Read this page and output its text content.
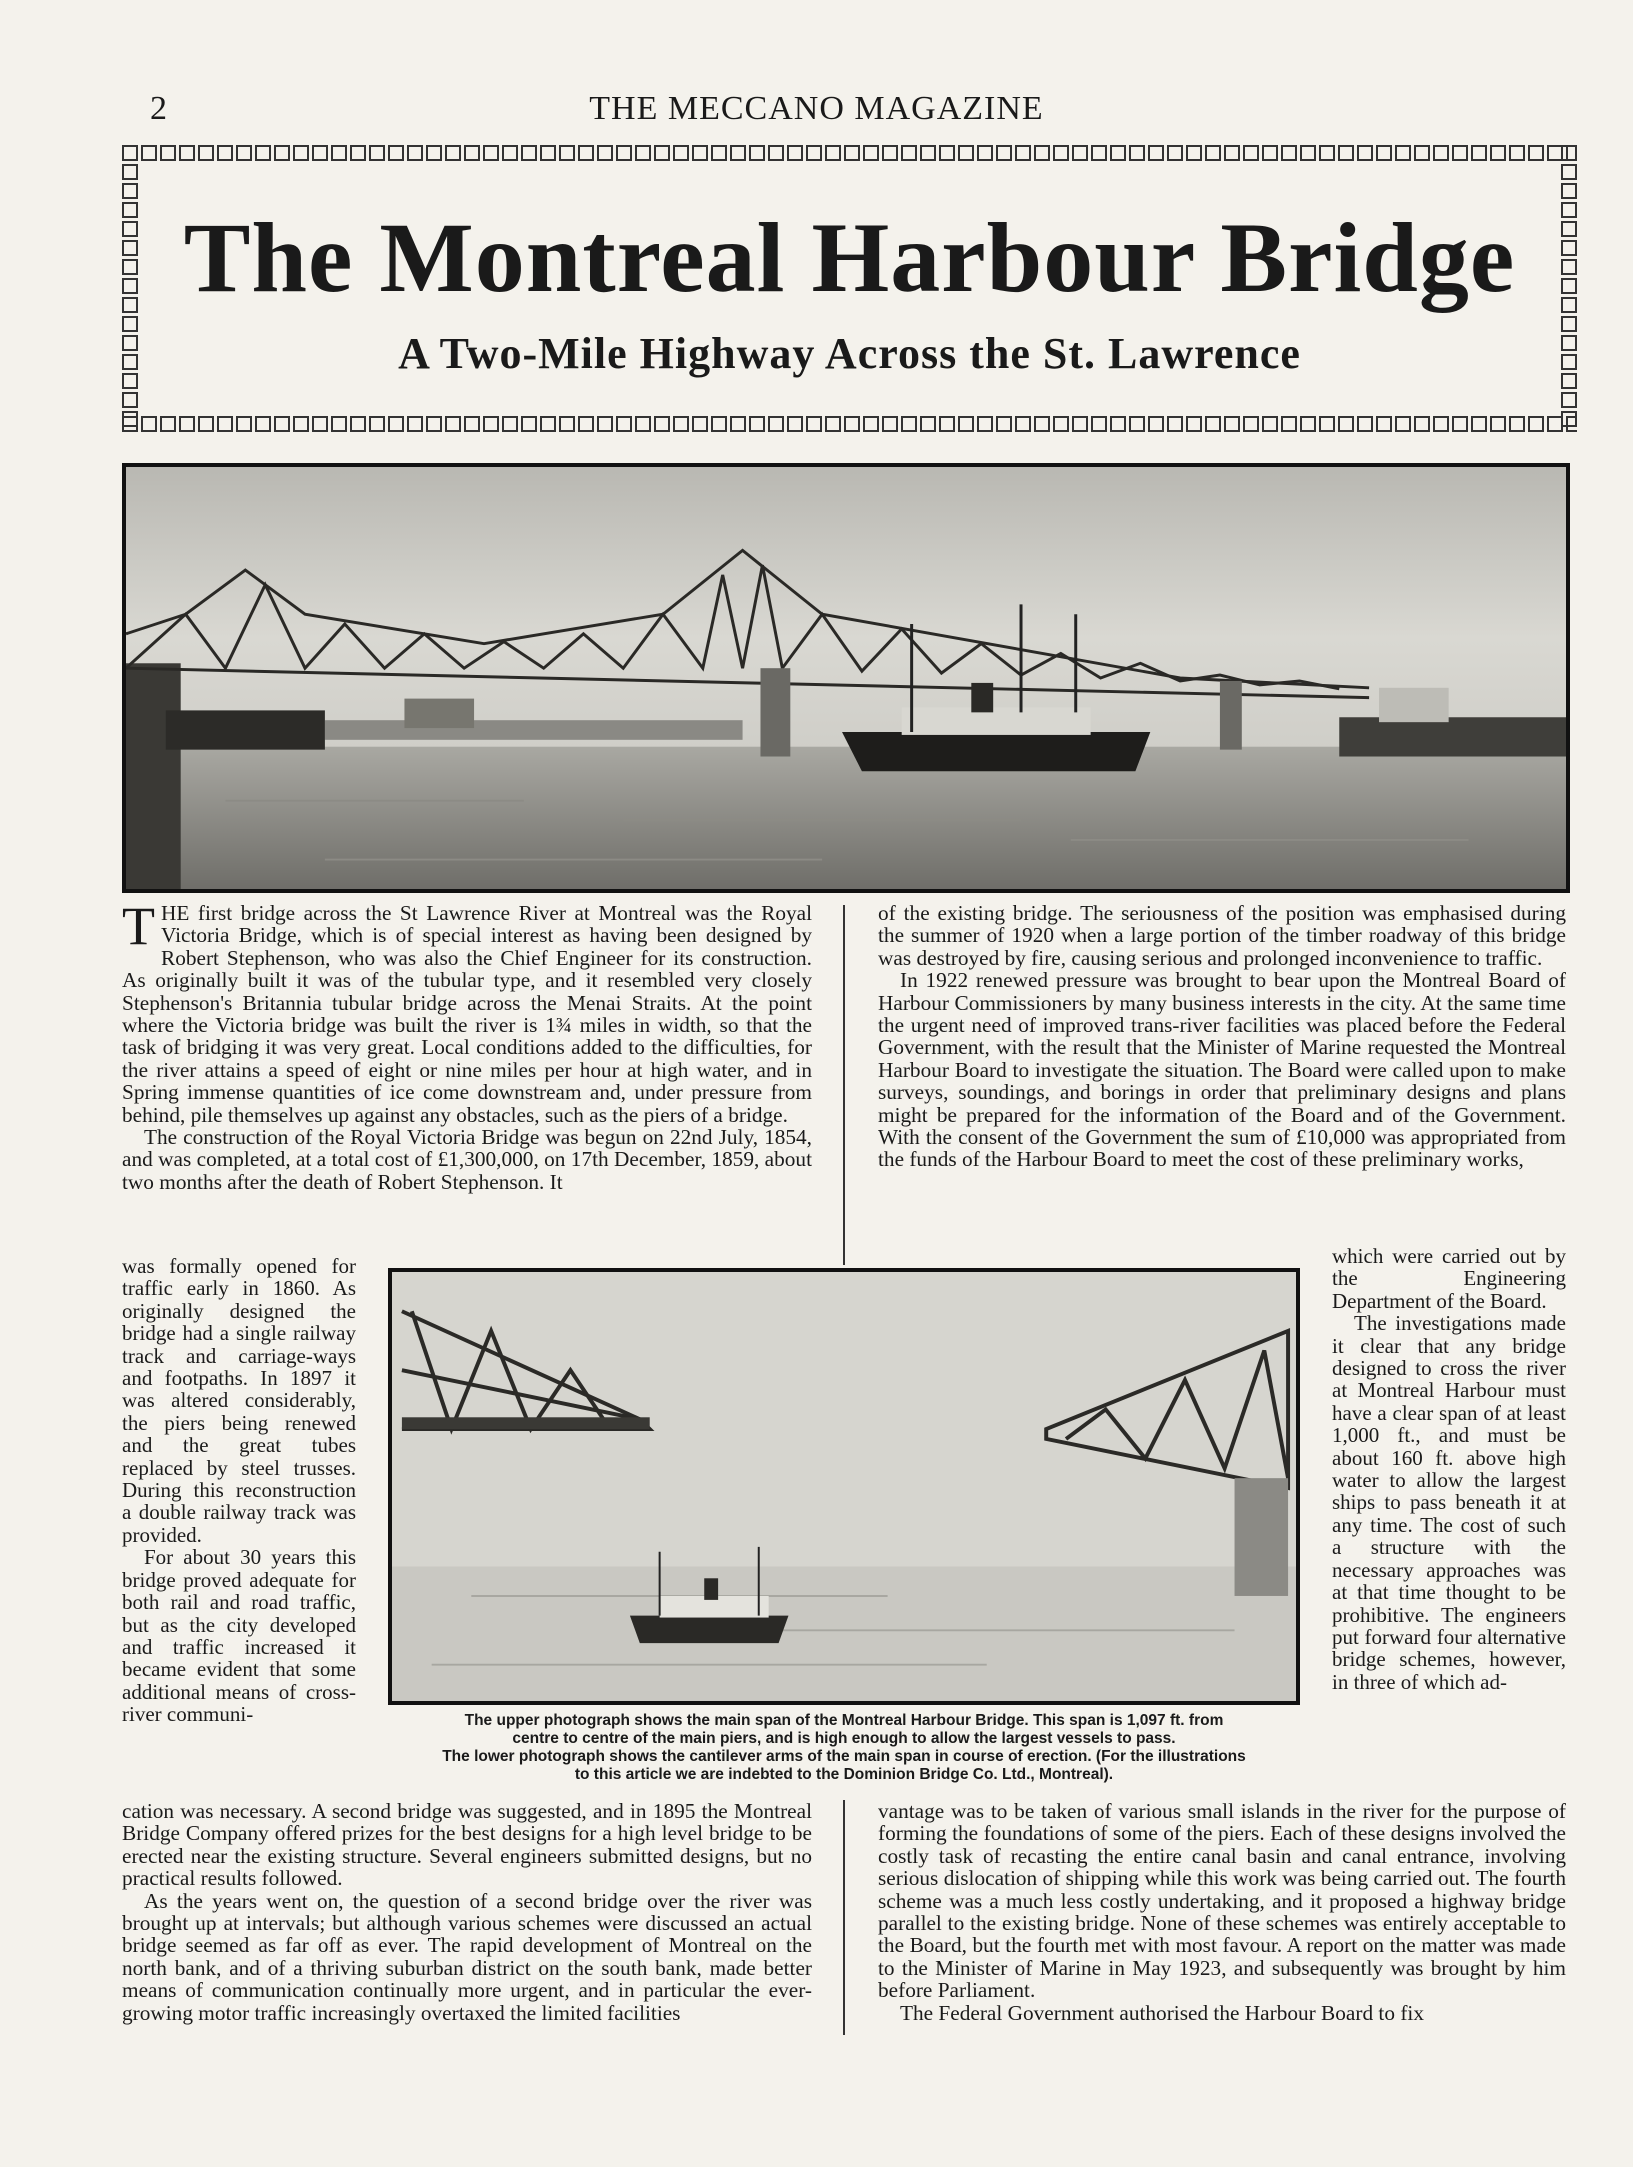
2	THE MECCANO MAGAZINE
The Montreal Harbour Bridge
A Two-Mile Highway Across the St. Lawrence

THE first bridge across the St Lawrence River at Montreal was the Royal Victoria Bridge, which is of special interest as having been designed by Robert Stephenson, who was also the Chief Engineer for its construction. As originally built it was of the tubular type, and it resembled very closely Stephenson's Britannia tubular bridge across the Menai Straits. At the point where the Victoria bridge was built the river is 1¾ miles in width, so that the task of bridging it was very great. Local conditions added to the difficulties, for the river attains a speed of eight or nine miles per hour at high water, and in Spring immense quantities of ice come downstream and, under pressure from behind, pile themselves up against any obstacles, such as the piers of a bridge.

The construction of the Royal Victoria Bridge was begun on 22nd July, 1854, and was completed, at a total cost of £1,300,000, on 17th December, 1859, about two months after the death of Robert Stephenson. It

was formally opened for traffic early in 1860. As originally designed the bridge had a single railway track and carriage-ways and footpaths. In 1897 it was altered considerably, the piers being renewed and the great tubes replaced by steel trusses. During this reconstruction a double railway track was provided.

For about 30 years this bridge proved adequate for both rail and road traffic, but as the city developed and traffic increased it became evident that some additional means of cross-river communi-

of the existing bridge. The seriousness of the position was emphasised during the summer of 1920 when a large portion of the timber roadway of this bridge was destroyed by fire, causing serious and prolonged inconvenience to traffic.

In 1922 renewed pressure was brought to bear upon the Montreal Board of Harbour Commissioners by many business interests in the city. At the same time the urgent need of improved trans-river facilities was placed before the Federal Government, with the result that the Minister of Marine requested the Montreal Harbour Board to investigate the situation. The Board were called upon to make surveys, soundings, and borings in order that preliminary designs and plans might be prepared for the information of the Board and of the Government. With the consent of the Government the sum of £10,000 was appropriated from the funds of the Harbour Board to meet the cost of these preliminary works,

which were carried out by the Engineering Department of the Board.

The investigations made it clear that any bridge designed to cross the river at Montreal Harbour must have a clear span of at least 1,000 ft., and must be about 160 ft. above high water to allow the largest ships to pass beneath it at any time. The cost of such a structure with the necessary approaches was at that time thought to be prohibitive. The engineers put forward four alternative bridge schemes, however, in three of which ad-

The upper photograph shows the main span of the Montreal Harbour Bridge. This span is 1,097 ft. from
centre to centre of the main piers, and is high enough to allow the largest vessels to pass.
The lower photograph shows the cantilever arms of the main span in course of erection. (For the illustrations
to this article we are indebted to the Dominion Bridge Co. Ltd., Montreal).

cation was necessary. A second bridge was suggested, and in 1895 the Montreal Bridge Company offered prizes for the best designs for a high level bridge to be erected near the existing structure. Several engineers submitted designs, but no practical results followed.

As the years went on, the question of a second bridge over the river was brought up at intervals; but although various schemes were discussed an actual bridge seemed as far off as ever. The rapid development of Montreal on the north bank, and of a thriving suburban district on the south bank, made better means of communication continually more urgent, and in particular the ever-growing motor traffic increasingly overtaxed the limited facilities

vantage was to be taken of various small islands in the river for the purpose of forming the foundations of some of the piers. Each of these designs involved the costly task of recasting the entire canal basin and canal entrance, involving serious dislocation of shipping while this work was being carried out. The fourth scheme was a much less costly undertaking, and it proposed a highway bridge parallel to the existing bridge. None of these schemes was entirely acceptable to the Board, but the fourth met with most favour. A report on the matter was made to the Minister of Marine in May 1923, and subsequently was brought by him before Parliament.

The Federal Government authorised the Harbour Board to fix
